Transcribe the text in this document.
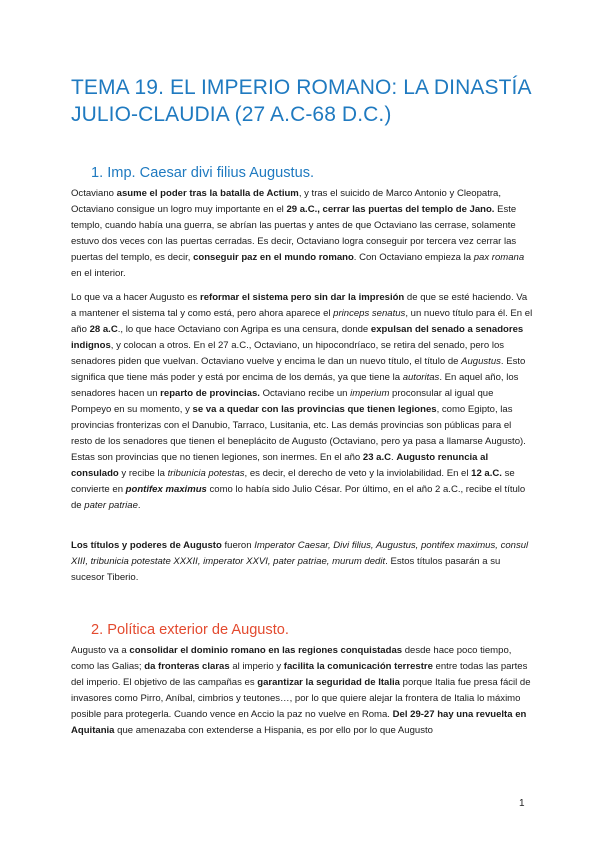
TEMA 19. EL IMPERIO ROMANO: LA DINASTÍA JULIO-CLAUDIA (27 A.C-68 D.C.)
1. Imp. Caesar divi filius Augustus.

Octaviano asume el poder tras la batalla de Actium, y tras el suicido de Marco Antonio y Cleopatra, Octaviano consigue un logro muy importante en el 29 a.C., cerrar las puertas del templo de Jano. Este templo, cuando había una guerra, se abrían las puertas y antes de que Octaviano las cerrase, solamente estuvo dos veces con las puertas cerradas. Es decir, Octaviano logra conseguir por tercera vez cerrar las puertas del templo, es decir, conseguir paz en el mundo romano. Con Octaviano empieza la pax romana en el interior.

Lo que va a hacer Augusto es reformar el sistema pero sin dar la impresión de que se esté haciendo. Va a mantener el sistema tal y como está, pero ahora aparece el princeps senatus, un nuevo título para él. En el año 28 a.C., lo que hace Octaviano con Agripa es una censura, donde expulsan del senado a senadores indignos, y colocan a otros. En el 27 a.C., Octaviano, un hipocondríaco, se retira del senado, pero los senadores piden que vuelvan. Octaviano vuelve y encima le dan un nuevo título, el título de Augustus. Esto significa que tiene más poder y está por encima de los demás, ya que tiene la autoritas. En aquel año, los senadores hacen un reparto de provincias. Octaviano recibe un imperium proconsular al igual que Pompeyo en su momento, y se va a quedar con las provincias que tienen legiones, como Egipto, las provincias fronterizas con el Danubio, Tarraco, Lusitania, etc. Las demás provincias son públicas para el resto de los senadores que tienen el beneplácito de Augusto (Octaviano, pero ya pasa a llamarse Augusto). Estas son provincias que no tienen legiones, son inermes. En el año 23 a.C. Augusto renuncia al consulado y recibe la tribunicia potestas, es decir, el derecho de veto y la inviolabilidad. En el 12 a.C. se convierte en pontifex maximus como lo había sido Julio César. Por último, en el año 2 a.C., recibe el título de pater patriae.

Los títulos y poderes de Augusto fueron Imperator Caesar, Divi filius, Augustus, pontifex maximus, consul XIII, tribunicia potestate XXXII, imperator XXVI, pater patriae, murum dedit. Estos títulos pasarán a su sucesor Tiberio.

2. Política exterior de Augusto.

Augusto va a consolidar el dominio romano en las regiones conquistadas desde hace poco tiempo, como las Galias; da fronteras claras al imperio y facilita la comunicación terrestre entre todas las partes del imperio. El objetivo de las campañas es garantizar la seguridad de Italia porque Italia fue presa fácil de invasores como Pirro, Aníbal, cimbrios y teutones…, por lo que quiere alejar la frontera de Italia lo máximo posible para protegerla. Cuando vence en Accio la paz no vuelve en Roma. Del 29-27 hay una revuelta en Aquitania que amenazaba con extenderse a Hispania, es por ello por lo que Augusto

1
